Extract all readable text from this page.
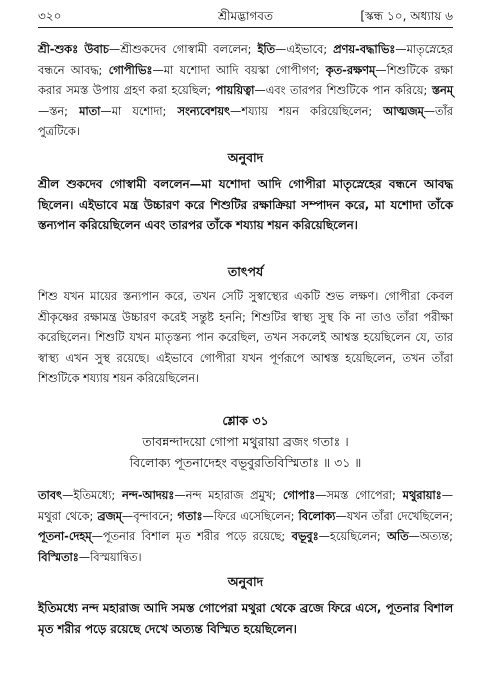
৩২০	শ্রীমদ্ভাগবত	[স্কন্ধ ১০, অধ্যায় ৬

শ্রী-শুকঃ উবাচ—শ্রীশুকদেব গোস্বামী বললেন; ইতি—এইভাবে; প্রণয়-বদ্ধাভিঃ—মাতৃস্নেহের বন্ধনে আবদ্ধ; গোপীভিঃ—মা যশোদা আদি বয়স্কা গোপীগণ; কৃত-রক্ষণম্—শিশুটিকে রক্ষা করার সমস্ত উপায় গ্রহণ করা হয়েছিল; পায়য়িত্বা—এবং তারপর শিশুটিকে পান করিয়ে; স্তনম্—স্তন; মাতা—মা যশোদা; সংন্যবেশয়ৎ—শয্যায় শয়ন করিয়েছিলেন; আত্মজম্—তাঁর পুত্রটিকে।

অনুবাদ

শ্রীল শুকদেব গোস্বামী বললেন—মা যশোদা আদি গোপীরা মাতৃস্নেহের বন্ধনে আবদ্ধ ছিলেন। এইভাবে মন্ত্র উচ্চারণ করে শিশুটির রক্ষাক্রিয়া সম্পাদন করে, মা যশোদা তাঁকে স্তন্যপান করিয়েছিলেন এবং তারপর তাঁকে শয্যায় শয়ন করিয়েছিলেন।

তাৎপর্য

শিশু যখন মায়ের স্তন্যপান করে, তখন সেটি সুস্বাস্থ্যের একটি শুভ লক্ষণ। গোপীরা কেবল শ্রীকৃষ্ণের রক্ষামন্ত্র উচ্চারণ করেই সন্তুষ্ট হননি; শিশুটির স্বাস্থ্য সুস্থ কি না তাও তাঁরা পরীক্ষা করেছিলেন। শিশুটি যখন মাতৃস্তন্য পান করেছিল, তখন সকলেই আশ্বস্ত হয়েছিলেন যে, তার স্বাস্থ্য এখন সুস্থ রয়েছে। এইভাবে গোপীরা যখন পূর্ণরূপে আশ্বস্ত হয়েছিলেন, তখন তাঁরা শিশুটিকে শয্যায় শয়ন করিয়েছিলেন।

শ্লোক ৩১
তাবন্নন্দাদয়ো গোপা মথুরায়া ব্রজং গতাঃ ।
বিলোক্য পূতনাদেহং বভূবুরতিবিস্মিতাঃ ॥ ৩১ ॥

তাবৎ—ইতিমধ্যে; নন্দ-আদয়ঃ—নন্দ মহারাজ প্রমুখ; গোপাঃ—সমস্ত গোপেরা; মথুরায়াঃ—মথুরা থেকে; ব্রজম্—বৃন্দাবনে; গতাঃ—ফিরে এসেছিলেন; বিলোক্য—যখন তাঁরা দেখেছিলেন; পূতনা-দেহম্—পূতনার বিশাল মৃত শরীর পড়ে রয়েছে; বভূবুঃ—হয়েছিলেন; অতি—অত্যন্ত; বিস্মিতাঃ—বিস্ময়ান্বিত।

অনুবাদ

ইতিমধ্যে নন্দ মহারাজ আদি সমস্ত গোপেরা মথুরা থেকে ব্রজে ফিরে এসে, পূতনার বিশাল মৃত শরীর পড়ে রয়েছে দেখে অত্যন্ত বিস্মিত হয়েছিলেন।
